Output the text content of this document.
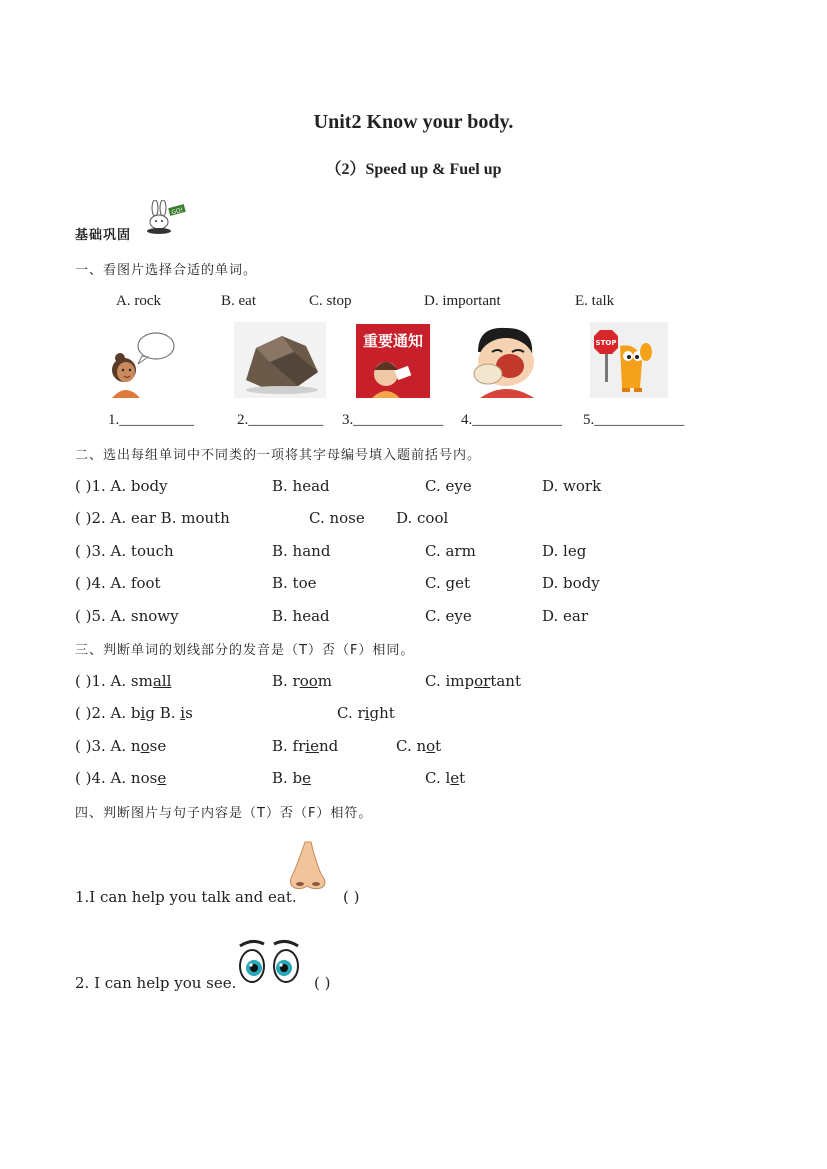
Unit2 Know your body.
（2）Speed up & Fuel up
基础巩固
GO!
一、看图片选择合适的单词。
A. rock	B. eat	C. stop	D. important	E. talk
重要通知	STOP
1.__________	2.__________ 3.____________ 4.____________ 5.____________
二、选出每组单词中不同类的一项将其字母编号填入题前括号内。
( )1. A. body	B. head	C. eye	D. work
( )2. A. ear B. mouth	C. nose D. cool
( )3. A. touch	B. hand	C. arm	D. leg
( )4. A. foot	B. toe	C. get	D. body
( )5. A. snowy	B. head	C. eye	D. ear
三、判断单词的划线部分的发音是（T）否（F）相同。
( )1. A. small	B. room	C. important
( )2. A. big B. is	C. right
( )3. A. nose	B. friend	C. not
( )4. A. nose	B. be	C. let
四、判断图片与句子内容是（T）否（F）相符。
1.I can help you talk and eat.	( )
2. I can help you see.	( )
